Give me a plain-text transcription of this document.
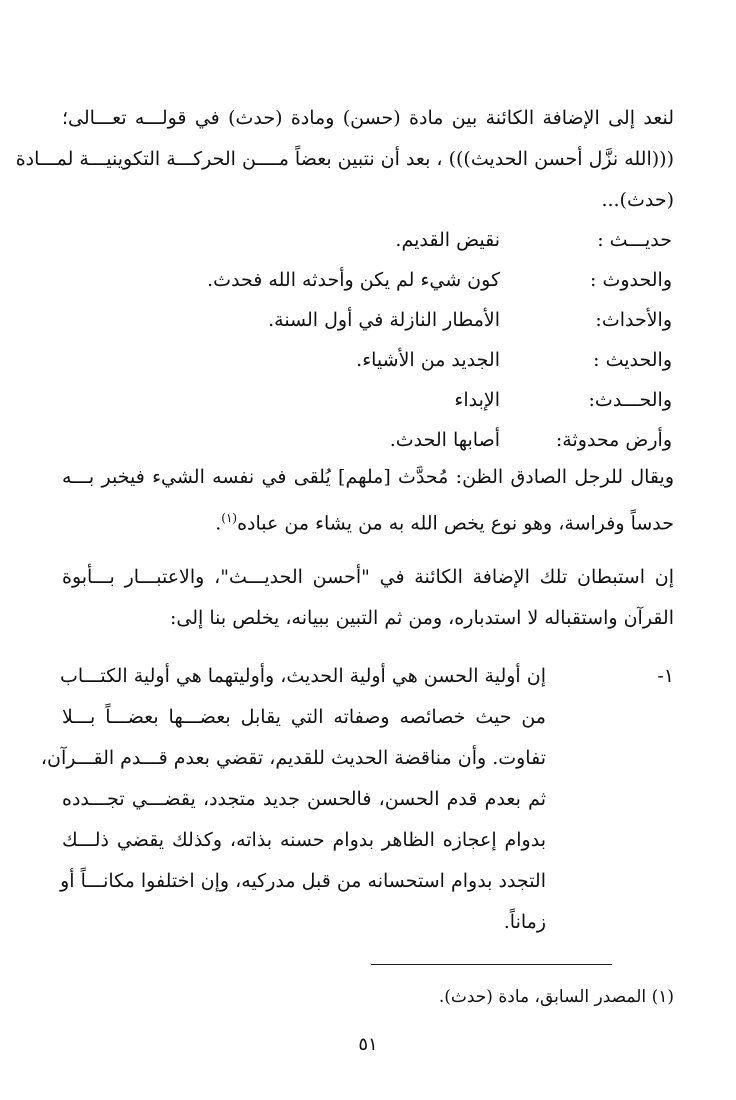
لنعد إلى الإضافة الكائنة بين مادة (حسن) ومادة (حدث) في قولـــه تعـــالى؛
(((الله نزَّل أحسن الحديث))) ، بعد أن نتبين بعضاً مــــن الحركـــة التكوينيـــة لمـــادة
(حدث)...
حديـــث :
نقيض القديم.
والحدوث :
كون شيء لم يكن وأحدثه الله فحدث.
والأحداث:
الأمطار النازلة في أول السنة.
والحديث :
الجديد من الأشياء.
والحـــدث:
الإبداء
وأرض محدوثة:
أصابها الحدث.
ويقال للرجل الصادق الظن: مُحدَّث [ملهم] يُلقى في نفسه الشيء فيخبر بـــه
حدساً وفراسة، وهو نوع يخص الله به من يشاء من عباده$^{(١)}$.
إن استبطان تلك الإضافة الكائنة في "أحسن الحديـــث"، والاعتبـــار بـــأبوة
القرآن واستقباله لا استدباره، ومن ثم التبين ببيانه، يخلص بنا إلى:
١-
إن أولية الحسن هي أولية الحديث، وأوليتهما هي أولية الكتـــاب
من حيث خصائصه وصفاته التي يقابل بعضـــها بعضـــاً بـــلا
تفاوت. وأن مناقضة الحديث للقديم، تقضي بعدم قـــدم القـــرآن،
ثم بعدم قدم الحسن، فالحسن جديد متجدد، يقضـــي تجـــدده
بدوام إعجازه الظاهر بدوام حسنه بذاته، وكذلك يقضي ذلـــك
التجدد بدوام استحسانه من قبل مدركيه، وإن اختلفوا مكانـــاً أو
زماناً.
(١) المصدر السابق، مادة (حدث).
٥١
